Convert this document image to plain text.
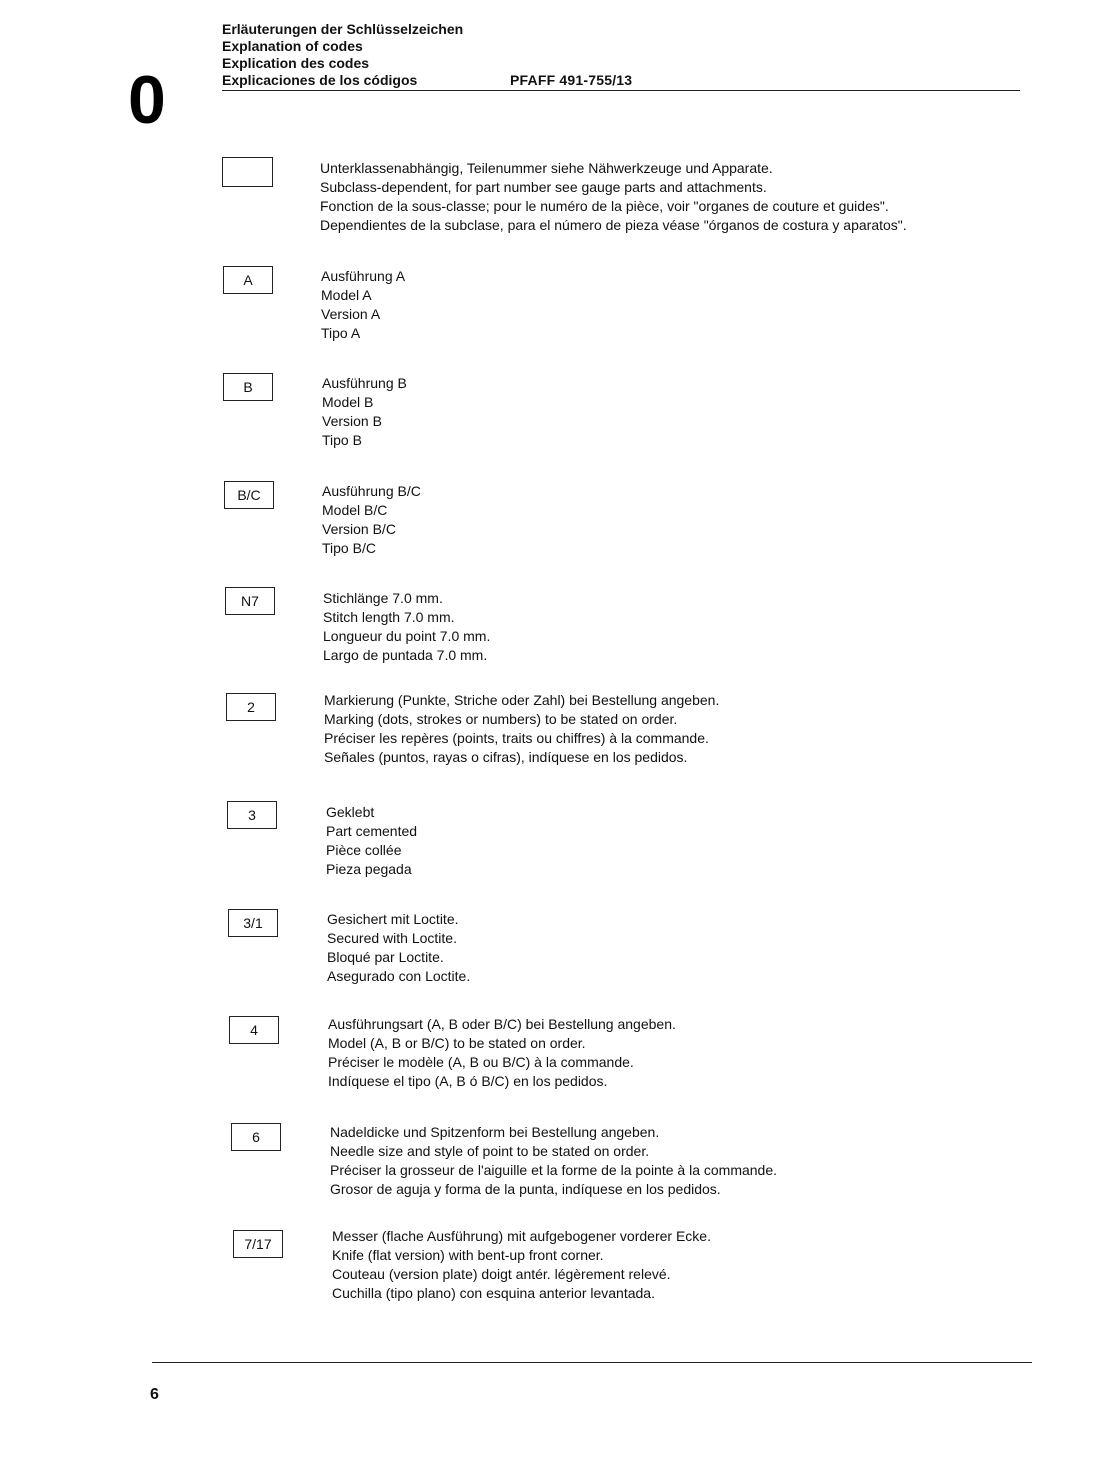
0
Erläuterungen der Schlüsselzeichen
Explanation of codes
Explication des codes
Explicaciones de los códigos	PFAFF 491-755/13
Unterklassenabhängig, Teilenummer siehe Nähwerkzeuge und Apparate.
Subclass-dependent, for part number see gauge parts and attachments.
Fonction de la sous-classe; pour le numéro de la pièce, voir "organes de couture et guides".
Dependientes de la subclase, para el número de pieza véase "órganos de costura y aparatos".
A	Ausführung A
Model A
Version A
Tipo A
B	Ausführung B
Model B
Version B
Tipo B
B/C	Ausführung B/C
Model B/C
Version B/C
Tipo B/C
N7	Stichlänge 7.0 mm.
Stitch length 7.0 mm.
Longueur du point 7.0 mm.
Largo de puntada 7.0 mm.
2	Markierung (Punkte, Striche oder Zahl) bei Bestellung angeben.
Marking (dots, strokes or numbers) to be stated on order.
Préciser les repères (points, traits ou chiffres) à la commande.
Señales (puntos, rayas o cifras), indíquese en los pedidos.
3	Geklebt
Part cemented
Pièce collée
Pieza pegada
3/1	Gesichert mit Loctite.
Secured with Loctite.
Bloqué par Loctite.
Asegurado con Loctite.
4	Ausführungsart (A, B oder B/C) bei Bestellung angeben.
Model (A, B or B/C) to be stated on order.
Préciser le modèle (A, B ou B/C) à la commande.
Indíquese el tipo (A, B ó B/C) en los pedidos.
6	Nadeldicke und Spitzenform bei Bestellung angeben.
Needle size and style of point to be stated on order.
Préciser la grosseur de l'aiguille et la forme de la pointe à la commande.
Grosor de aguja y forma de la punta, indíquese en los pedidos.
7/17	Messer (flache Ausführung) mit aufgebogener vorderer Ecke.
Knife (flat version) with bent-up front corner.
Couteau (version plate) doigt antér. légèrement relevé.
Cuchilla (tipo plano) con esquina anterior levantada.
6
